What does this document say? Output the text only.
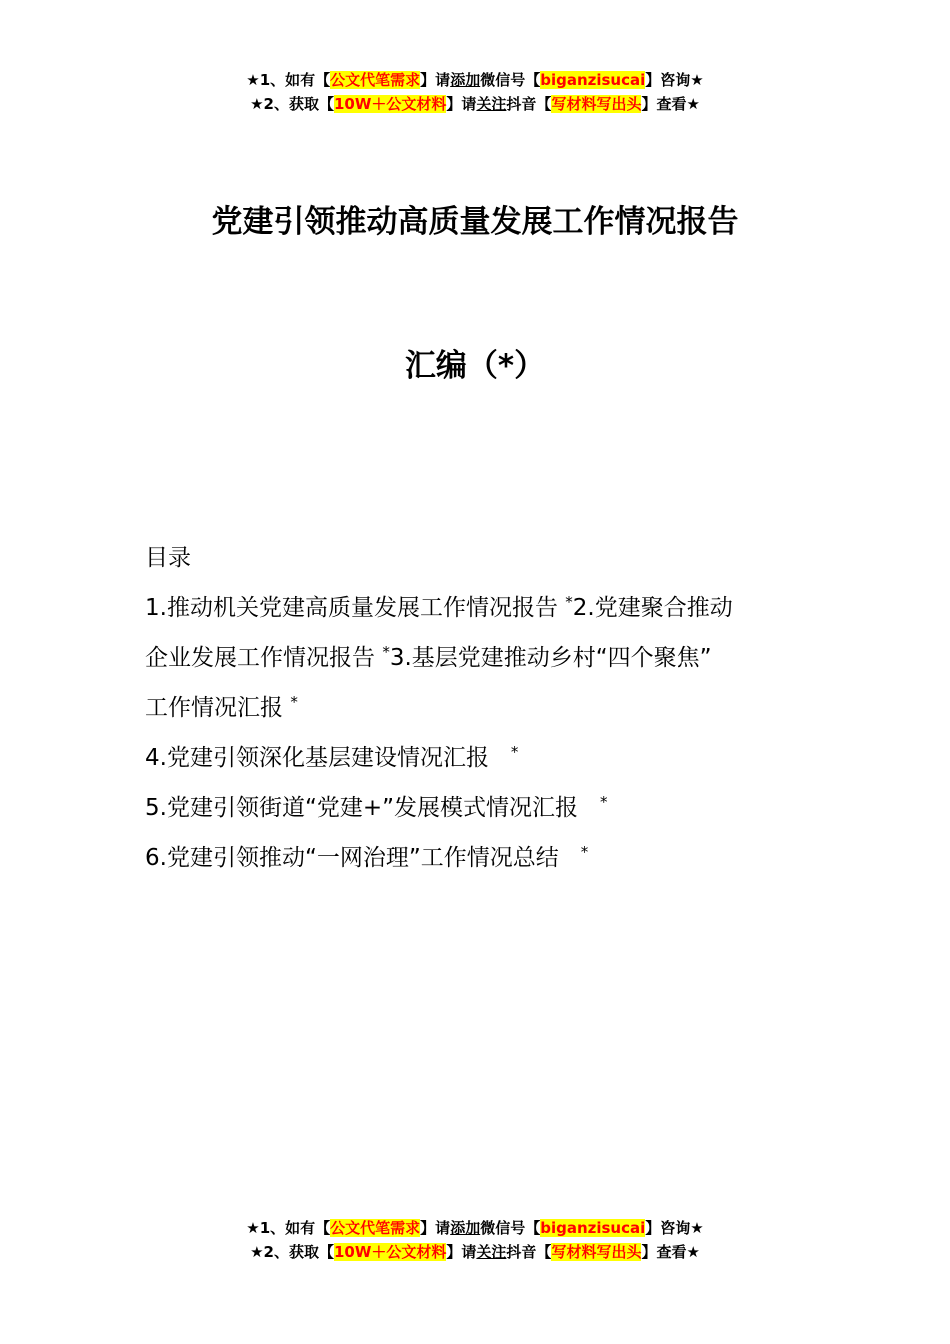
★1、如有【公文代笔需求】请添加微信号【biganzisucai】咨询★
★2、获取【10W＋公文材料】请关注抖音【写材料写出头】查看★
党建引领推动高质量发展工作情况报告
汇编（*）

目录

1.推动机关党建高质量发展工作情况报告 *2.党建聚合推动

企业发展工作情况报告 *3.基层党建推动乡村“四个聚焦”

工作情况汇报 *

4.党建引领深化基层建设情况汇报 *

5.党建引领街道“党建+”发展模式情况汇报 *

6.党建引领推动“一网治理”工作情况总结 *

★1、如有【公文代笔需求】请添加微信号【biganzisucai】咨询★
★2、获取【10W＋公文材料】请关注抖音【写材料写出头】查看★
